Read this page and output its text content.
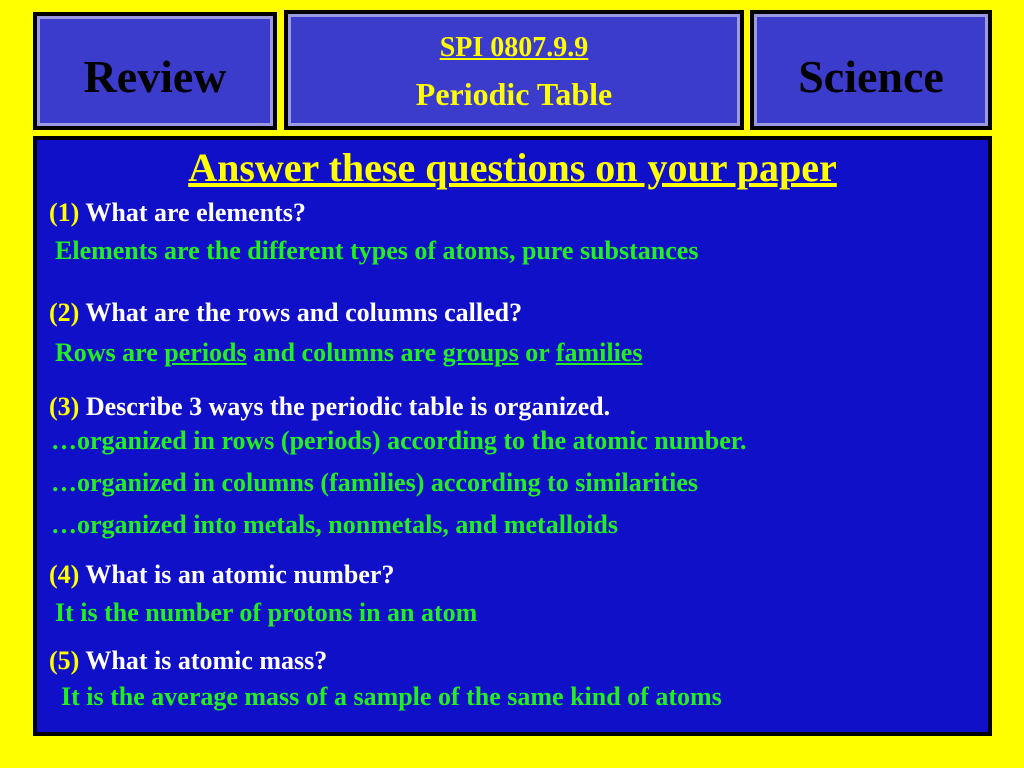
Review
SPI 0807.9.9
Periodic Table	Science
Answer these questions on your paper
(1) What are elements?
Elements are the different types of atoms, pure substances
(2) What are the rows and columns called?
Rows are periods and columns are groups or families
(3) Describe 3 ways the periodic table is organized.
…organized in rows (periods) according to the atomic number.
…organized in columns (families) according to similarities
…organized into metals, nonmetals, and metalloids
(4) What is an atomic number?
It is the number of protons in an atom
(5) What is atomic mass?
It is the average mass of a sample of the same kind of atoms
